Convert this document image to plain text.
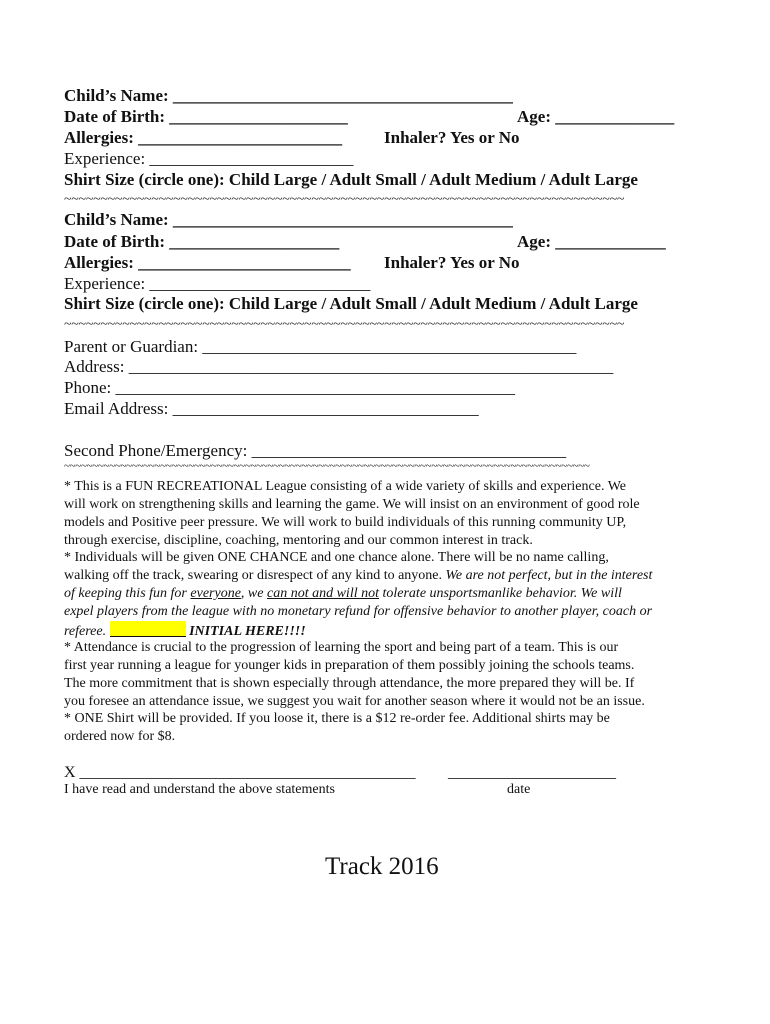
Child’s Name: ________________________________________
Date of Birth: _____________________	Age: ______________
Allergies: ________________________ Inhaler? Yes or No
Experience: ________________________
Shirt Size (circle one): Child Large / Adult Small / Adult Medium / Adult Large
~~~~~~~~~~~~~~~~~~~~~~~~~~~~~~~~~~~~~~~~~~~~~~~~~~~~~~~~~~~~~~~~~~~~~~~~~~~~~
Child’s Name: ________________________________________
Date of Birth: ____________________	Age: _____________
Allergies: _________________________ Inhaler? Yes or No
Experience: __________________________
Shirt Size (circle one): Child Large / Adult Small / Adult Medium / Adult Large
~~~~~~~~~~~~~~~~~~~~~~~~~~~~~~~~~~~~~~~~~~~~~~~~~~~~~~~~~~~~~~~~~~~~~~~~~~~~~
Parent or Guardian: ____________________________________________
Address: _________________________________________________________
Phone: _______________________________________________
Email Address: ____________________________________
Second Phone/Emergency: _____________________________________
~~~~~~~~~~~~~~~~~~~~~~~~~~~~~~~~~~~~~~~~~~~~~~~~~~~~~~~~~~~~~~~~~~~~~~~~~~~~~~~~~~~~~~~~~~~~~
* This is a FUN RECREATIONAL League consisting of a wide variety of skills and experience. We
will work on strengthening skills and learning the game. We will insist on an environment of good role
models and Positive peer pressure. We will work to build individuals of this running community UP,
through exercise, discipline, coaching, mentoring and our common interest in track.
* Individuals will be given ONE CHANCE and one chance alone. There will be no name calling,
walking off the track, swearing or disrespect of any kind to anyone. We are not perfect, but in the interest
of keeping this fun for everyone, we can not and will not tolerate unsportsmanlike behavior. We will
expel players from the league with no monetary refund for offensive behavior to another player, coach or
referee.	INITIAL HERE!!!!
* Attendance is crucial to the progression of learning the sport and being part of a team. This is our
first year running a league for younger kids in preparation of them possibly joining the schools teams.
The more commitment that is shown especially through attendance, the more prepared they will be. If
you foresee an attendance issue, we suggest you wait for another season where it would not be an issue.
* ONE Shirt will be provided. If you loose it, there is a $12 re-order fee. Additional shirts may be
ordered now for $8.
X __________________________________________ _____________________
I have read and understand the above statements	date
Track 2016
